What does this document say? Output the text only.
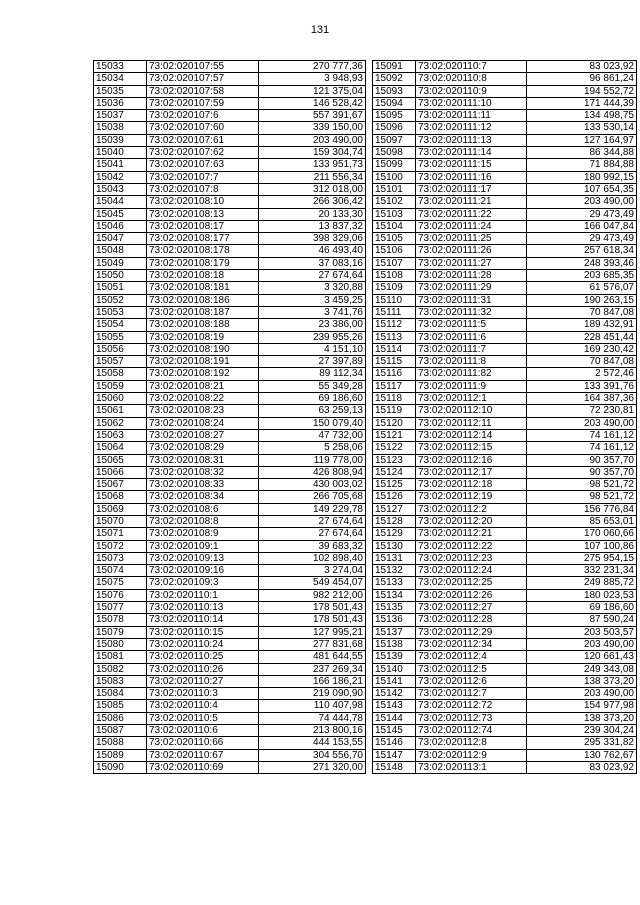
131
15033	73:02:020107:55	270 777,36
15034	73:02:020107:57	3 948,93
15035	73:02:020107:58	121 375,04
15036	73:02:020107:59	146 528,42
15037	73:02:020107:6	557 391,67
15038	73:02:020107:60	339 150,00
15039	73:02:020107:61	203 490,00
15040	73:02:020107:62	159 304,74
15041	73:02:020107:63	133 951,73
15042	73:02:020107:7	211 556,34
15043	73:02:020107:8	312 018,00
15044	73:02:020108:10	266 306,42
15045	73:02:020108:13	20 133,30
15046	73:02:020108:17	13 837,32
15047	73:02:020108:177	398 329,06
15048	73:02:020108:178	46 493,40
15049	73:02:020108:179	37 083,16
15050	73:02:020108:18	27 674,64
15051	73:02:020108:181	3 320,88
15052	73:02:020108:186	3 459,25
15053	73:02:020108:187	3 741,76
15054	73:02:020108:188	23 386,00
15055	73:02:020108:19	239 955,26
15056	73:02:020108:190	4 151,10
15057	73:02:020108:191	27 397,89
15058	73:02:020108:192	89 112,34
15059	73:02:020108:21	55 349,28
15060	73:02:020108:22	69 186,60
15061	73:02:020108:23	63 259,13
15062	73:02:020108:24	150 079,40
15063	73:02:020108:27	47 732,00
15064	73:02:020108:29	5 258,06
15065	73:02:020108:31	119 778,00
15066	73:02:020108:32	426 808,94
15067	73:02:020108:33	430 003,02
15068	73:02:020108:34	266 705,68
15069	73:02:020108:6	149 229,78
15070	73:02:020108:8	27 674,64
15071	73:02:020108:9	27 674,64
15072	73:02:020109:1	39 683,32
15073	73:02:020109:13	102 898,40
15074	73:02:020109:16	3 274,04
15075	73:02:020109:3	549 454,07
15076	73:02:020110:1	982 212,00
15077	73:02:020110:13	178 501,43
15078	73:02:020110:14	178 501,43
15079	73:02:020110:15	127 995,21
15080	73:02:020110:24	277 831,68
15081	73:02:020110:25	481 644,55
15082	73:02:020110:26	237 269,34
15083	73:02:020110:27	166 186,21
15084	73:02:020110:3	219 090,90
15085	73:02:020110:4	110 407,98
15086	73:02:020110:5	74 444,78
15087	73:02:020110:6	213 800,16
15088	73:02:020110:66	444 153,55
15089	73:02:020110:67	304 556,70
15090	73:02:020110:69	271 320,00
15091	73:02:020110:7	83 023,92
15092	73:02:020110:8	96 861,24
15093	73:02:020110:9	194 552,72
15094	73:02:020111:10	171 444,39
15095	73:02:020111:11	134 498,75
15096	73:02:020111:12	133 530,14
15097	73:02:020111:13	127 164,97
15098	73:02:020111:14	86 344,88
15099	73:02:020111:15	71 884,88
15100	73:02:020111:16	180 992,15
15101	73:02:020111:17	107 654,35
15102	73:02:020111:21	203 490,00
15103	73:02:020111:22	29 473,49
15104	73:02:020111:24	166 047,84
15105	73:02:020111:25	29 473,49
15106	73:02:020111:26	257 618,34
15107	73:02:020111:27	248 393,46
15108	73:02:020111:28	203 685,35
15109	73:02:020111:29	61 576,07
15110	73:02:020111:31	190 263,15
15111	73:02:020111:32	70 847,08
15112	73:02:020111:5	189 432,91
15113	73:02:020111:6	228 451,44
15114	73:02:020111:7	169 230,42
15115	73:02:020111:8	70 847,08
15116	73:02:020111:82	2 572,46
15117	73:02:020111:9	133 391,76
15118	73:02:020112:1	164 387,36
15119	73:02:020112:10	72 230,81
15120	73:02:020112:11	203 490,00
15121	73:02:020112:14	74 161,12
15122	73:02:020112:15	74 161,12
15123	73:02:020112:16	90 357,70
15124	73:02:020112:17	90 357,70
15125	73:02:020112:18	98 521,72
15126	73:02:020112:19	98 521,72
15127	73:02:020112:2	156 776,84
15128	73:02:020112:20	85 653,01
15129	73:02:020112:21	170 060,66
15130	73:02:020112:22	107 100,86
15131	73:02:020112:23	275 954,15
15132	73:02:020112:24	332 231,34
15133	73:02:020112:25	249 885,72
15134	73:02:020112:26	180 023,53
15135	73:02:020112:27	69 186,60
15136	73:02:020112:28	87 590,24
15137	73:02:020112:29	203 503,57
15138	73:02:020112:34	203 490,00
15139	73:02:020112:4	120 661,43
15140	73:02:020112:5	249 343,08
15141	73:02:020112:6	138 373,20
15142	73:02:020112:7	203 490,00
15143	73:02:020112:72	154 977,98
15144	73:02:020112:73	138 373,20
15145	73:02:020112:74	239 304,24
15146	73:02:020112:8	295 331,82
15147	73:02:020112:9	130 762,67
15148	73:02:020113:1	83 023,92
